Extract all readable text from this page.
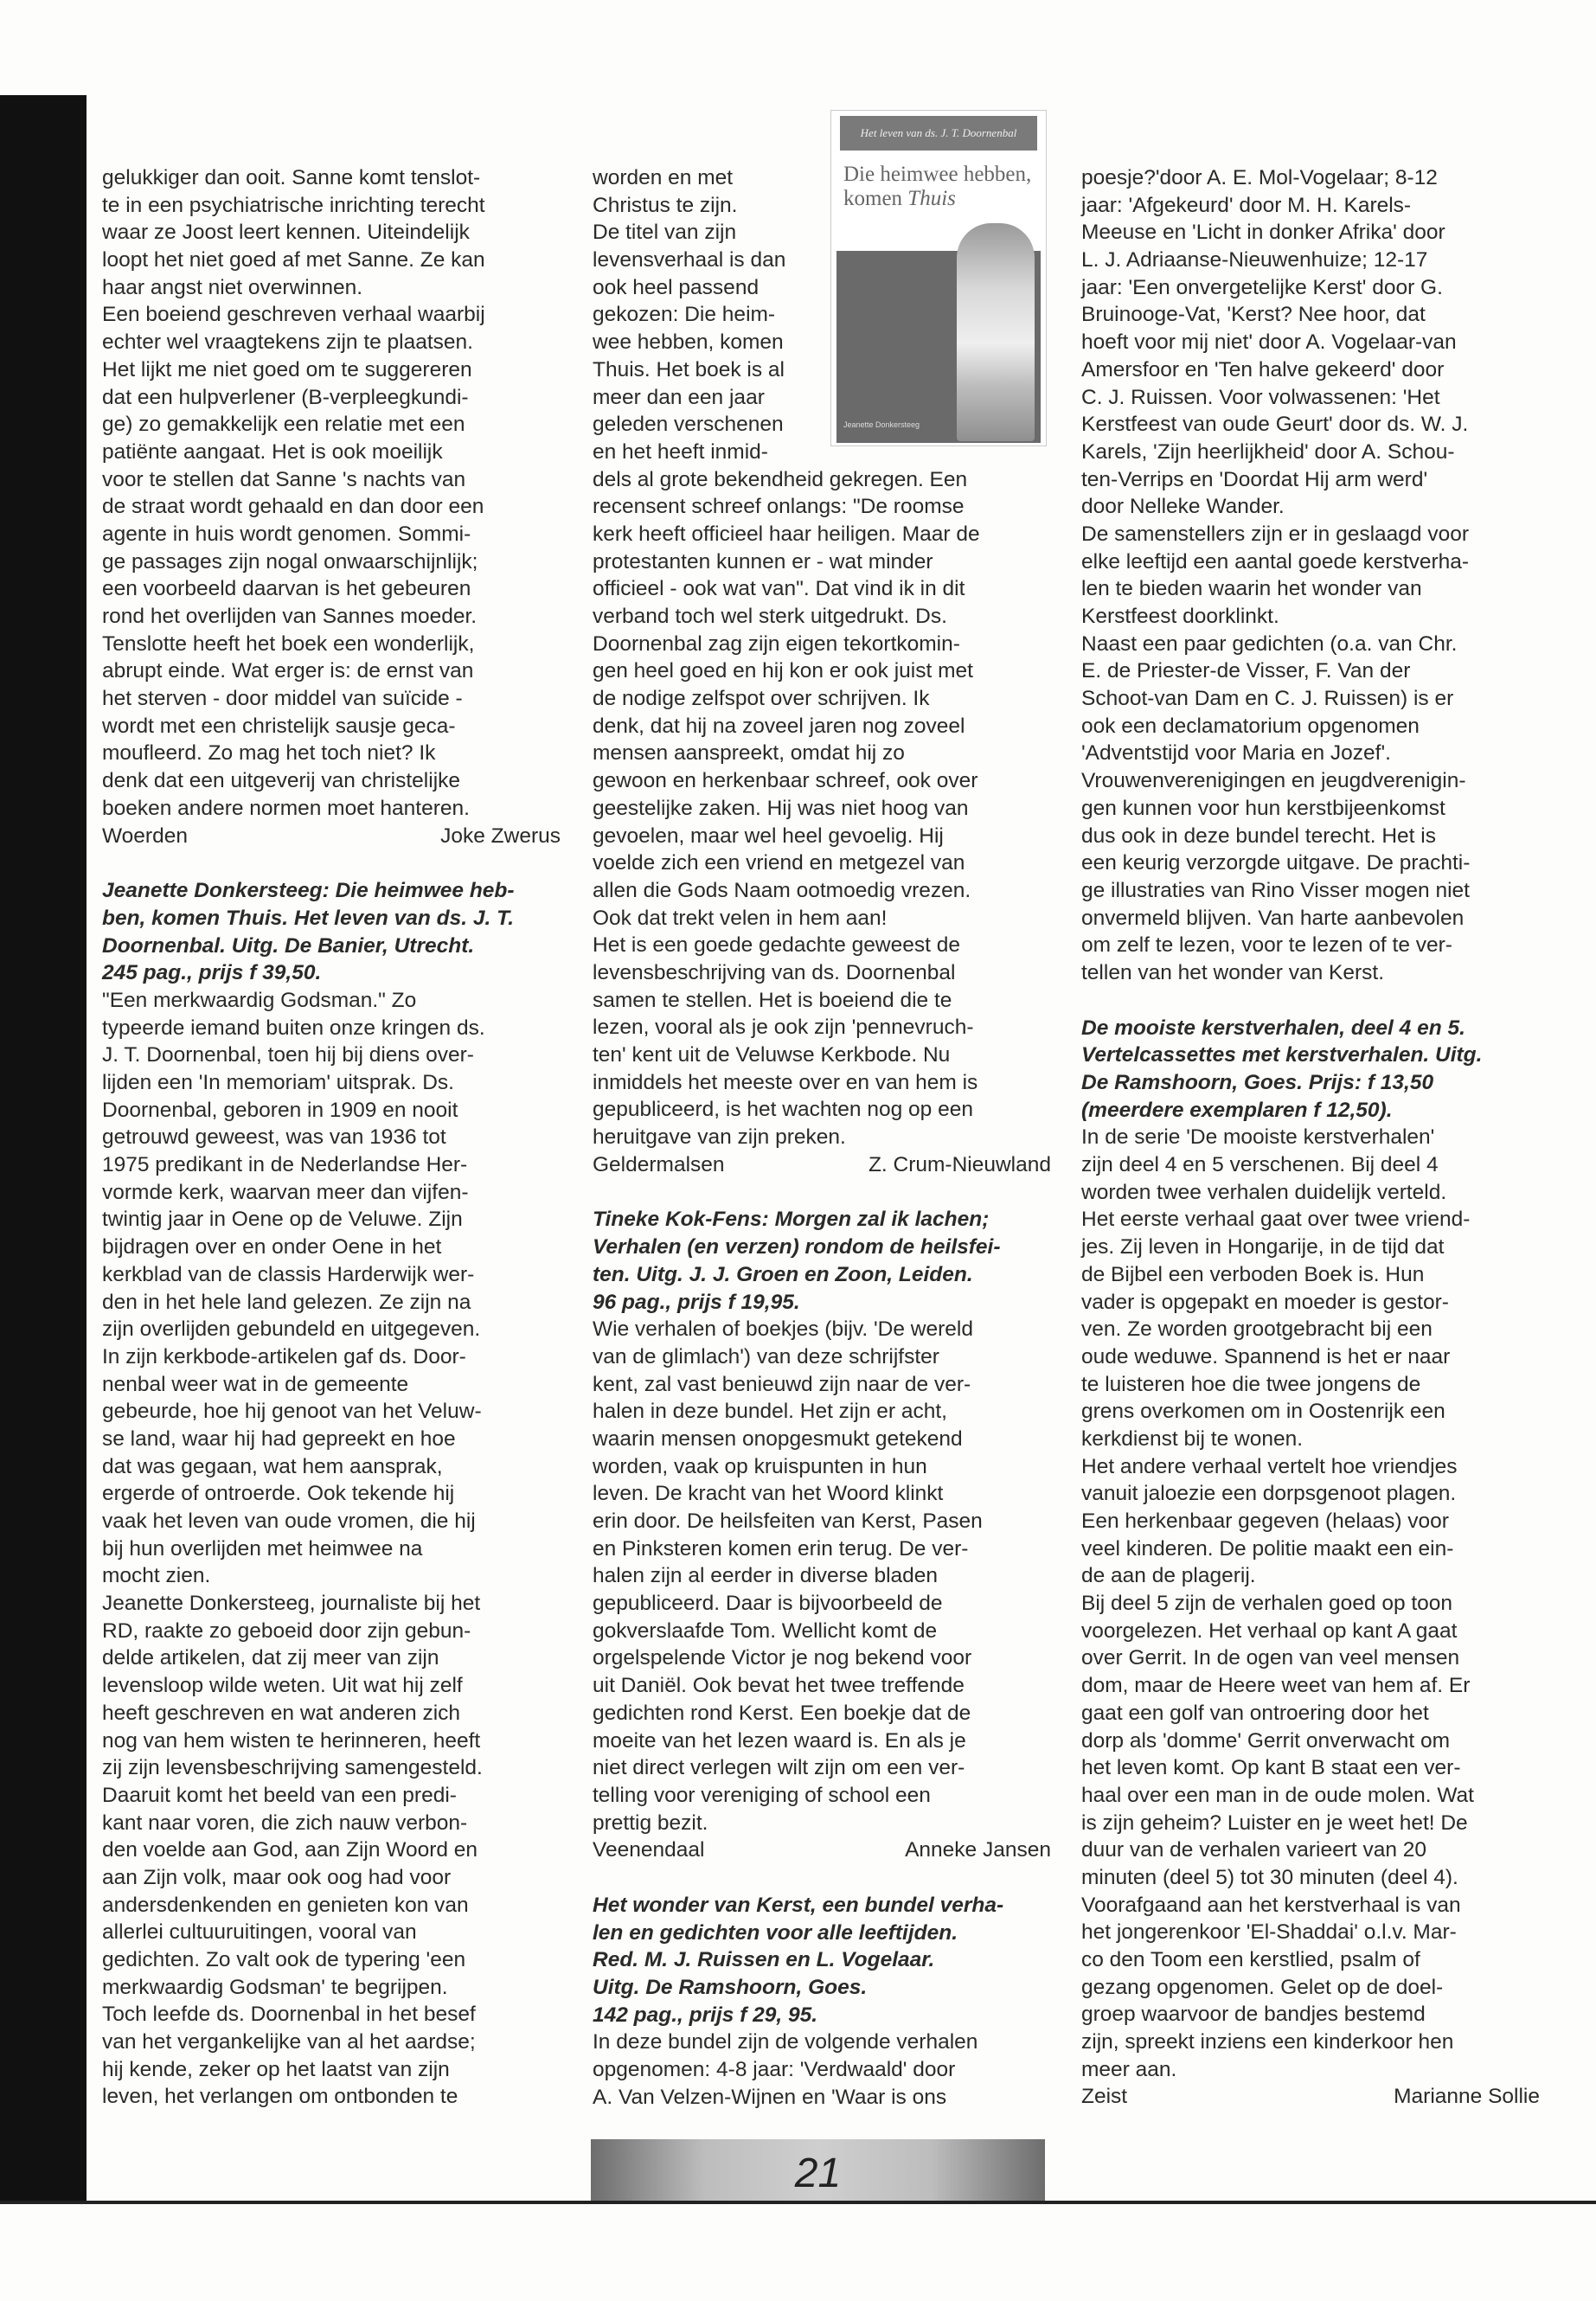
gelukkiger dan ooit. Sanne komt tenslot-
te in een psychiatrische inrichting terecht
waar ze Joost leert kennen. Uiteindelijk
loopt het niet goed af met Sanne. Ze kan
haar angst niet overwinnen.
Een boeiend geschreven verhaal waarbij
echter wel vraagtekens zijn te plaatsen.
Het lijkt me niet goed om te suggereren
dat een hulpverlener (B-verpleegkundi-
ge) zo gemakkelijk een relatie met een
patiënte aangaat. Het is ook moeilijk
voor te stellen dat Sanne 's nachts van
de straat wordt gehaald en dan door een
agente in huis wordt genomen. Sommi-
ge passages zijn nogal onwaarschijnlijk;
een voorbeeld daarvan is het gebeuren
rond het overlijden van Sannes moeder.
Tenslotte heeft het boek een wonderlijk,
abrupt einde. Wat erger is: de ernst van
het sterven - door middel van suïcide -
wordt met een christelijk sausje geca-
moufleerd. Zo mag het toch niet? Ik
denk dat een uitgeverij van christelijke
boeken andere normen moet hanteren.
Woerden	Joke Zwerus
Jeanette Donkersteeg: Die heimwee heb-
ben, komen Thuis. Het leven van ds. J. T.
Doornenbal. Uitg. De Banier, Utrecht.
245 pag., prijs f 39,50.
"Een merkwaardig Godsman." Zo
typeerde iemand buiten onze kringen ds.
J. T. Doornenbal, toen hij bij diens over-
lijden een 'In memoriam' uitsprak. Ds.
Doornenbal, geboren in 1909 en nooit
getrouwd geweest, was van 1936 tot
1975 predikant in de Nederlandse Her-
vormde kerk, waarvan meer dan vijfen-
twintig jaar in Oene op de Veluwe. Zijn
bijdragen over en onder Oene in het
kerkblad van de classis Harderwijk wer-
den in het hele land gelezen. Ze zijn na
zijn overlijden gebundeld en uitgegeven.
In zijn kerkbode-artikelen gaf ds. Door-
nenbal weer wat in de gemeente
gebeurde, hoe hij genoot van het Veluw-
se land, waar hij had gepreekt en hoe
dat was gegaan, wat hem aansprak,
ergerde of ontroerde. Ook tekende hij
vaak het leven van oude vromen, die hij
bij hun overlijden met heimwee na
mocht zien.
Jeanette Donkersteeg, journaliste bij het
RD, raakte zo geboeid door zijn gebun-
delde artikelen, dat zij meer van zijn
levensloop wilde weten. Uit wat hij zelf
heeft geschreven en wat anderen zich
nog van hem wisten te herinneren, heeft
zij zijn levensbeschrijving samengesteld.
Daaruit komt het beeld van een predi-
kant naar voren, die zich nauw verbon-
den voelde aan God, aan Zijn Woord en
aan Zijn volk, maar ook oog had voor
andersdenkenden en genieten kon van
allerlei cultuuruitingen, vooral van
gedichten. Zo valt ook de typering 'een
merkwaardig Godsman' te begrijpen.
Toch leefde ds. Doornenbal in het besef
van het vergankelijke van al het aardse;
hij kende, zeker op het laatst van zijn
leven, het verlangen om ontbonden te
worden en met
Christus te zijn.
De titel van zijn
levensverhaal is dan
ook heel passend
gekozen: Die heim-
wee hebben, komen
Thuis. Het boek is al
meer dan een jaar
geleden verschenen
en het heeft inmid-
dels al grote bekendheid gekregen. Een
recensent schreef onlangs: "De roomse
kerk heeft officieel haar heiligen. Maar de
protestanten kunnen er - wat minder
officieel - ook wat van". Dat vind ik in dit
verband toch wel sterk uitgedrukt. Ds.
Doornenbal zag zijn eigen tekortkomin-
gen heel goed en hij kon er ook juist met
de nodige zelfspot over schrijven. Ik
denk, dat hij na zoveel jaren nog zoveel
mensen aanspreekt, omdat hij zo
gewoon en herkenbaar schreef, ook over
geestelijke zaken. Hij was niet hoog van
gevoelen, maar wel heel gevoelig. Hij
voelde zich een vriend en metgezel van
allen die Gods Naam ootmoedig vrezen.
Ook dat trekt velen in hem aan!
Het is een goede gedachte geweest de
levensbeschrijving van ds. Doornenbal
samen te stellen. Het is boeiend die te
lezen, vooral als je ook zijn 'pennevruch-
ten' kent uit de Veluwse Kerkbode. Nu
inmiddels het meeste over en van hem is
gepubliceerd, is het wachten nog op een
heruitgave van zijn preken.
Geldermalsen	Z. Crum-Nieuwland
Tineke Kok-Fens: Morgen zal ik lachen;
Verhalen (en verzen) rondom de heilsfei-
ten. Uitg. J. J. Groen en Zoon, Leiden.
96 pag., prijs f 19,95.
Wie verhalen of boekjes (bijv. 'De wereld
van de glimlach') van deze schrijfster
kent, zal vast benieuwd zijn naar de ver-
halen in deze bundel. Het zijn er acht,
waarin mensen onopgesmukt getekend
worden, vaak op kruispunten in hun
leven. De kracht van het Woord klinkt
erin door. De heilsfeiten van Kerst, Pasen
en Pinksteren komen erin terug. De ver-
halen zijn al eerder in diverse bladen
gepubliceerd. Daar is bijvoorbeeld de
gokverslaafde Tom. Wellicht komt de
orgelspelende Victor je nog bekend voor
uit Daniël. Ook bevat het twee treffende
gedichten rond Kerst. Een boekje dat de
moeite van het lezen waard is. En als je
niet direct verlegen wilt zijn om een ver-
telling voor vereniging of school een
prettig bezit.
Veenendaal	Anneke Jansen
Het wonder van Kerst, een bundel verha-
len en gedichten voor alle leeftijden.
Red. M. J. Ruissen en L. Vogelaar.
Uitg. De Ramshoorn, Goes.
142 pag., prijs f 29, 95.
In deze bundel zijn de volgende verhalen
opgenomen: 4-8 jaar: 'Verdwaald' door
A. Van Velzen-Wijnen en 'Waar is ons
poesje?'door A. E. Mol-Vogelaar; 8-12
jaar: 'Afgekeurd' door M. H. Karels-
Meeuse en 'Licht in donker Afrika' door
L. J. Adriaanse-Nieuwenhuize; 12-17
jaar: 'Een onvergetelijke Kerst' door G.
Bruinooge-Vat, 'Kerst? Nee hoor, dat
hoeft voor mij niet' door A. Vogelaar-van
Amersfoor en 'Ten halve gekeerd' door
C. J. Ruissen. Voor volwassenen: 'Het
Kerstfeest van oude Geurt' door ds. W. J.
Karels, 'Zijn heerlijkheid' door A. Schou-
ten-Verrips en 'Doordat Hij arm werd'
door Nelleke Wander.
De samenstellers zijn er in geslaagd voor
elke leeftijd een aantal goede kerstverha-
len te bieden waarin het wonder van
Kerstfeest doorklinkt.
Naast een paar gedichten (o.a. van Chr.
E. de Priester-de Visser, F. Van der
Schoot-van Dam en C. J. Ruissen) is er
ook een declamatorium opgenomen
'Adventstijd voor Maria en Jozef'.
Vrouwenverenigingen en jeugdverenigin-
gen kunnen voor hun kerstbijeenkomst
dus ook in deze bundel terecht. Het is
een keurig verzorgde uitgave. De prachti-
ge illustraties van Rino Visser mogen niet
onvermeld blijven. Van harte aanbevolen
om zelf te lezen, voor te lezen of te ver-
tellen van het wonder van Kerst.
De mooiste kerstverhalen, deel 4 en 5.
Vertelcassettes met kerstverhalen. Uitg.
De Ramshoorn, Goes. Prijs: f 13,50
(meerdere exemplaren f 12,50).
In de serie 'De mooiste kerstverhalen'
zijn deel 4 en 5 verschenen. Bij deel 4
worden twee verhalen duidelijk verteld.
Het eerste verhaal gaat over twee vriend-
jes. Zij leven in Hongarije, in de tijd dat
de Bijbel een verboden Boek is. Hun
vader is opgepakt en moeder is gestor-
ven. Ze worden grootgebracht bij een
oude weduwe. Spannend is het er naar
te luisteren hoe die twee jongens de
grens overkomen om in Oostenrijk een
kerkdienst bij te wonen.
Het andere verhaal vertelt hoe vriendjes
vanuit jaloezie een dorpsgenoot plagen.
Een herkenbaar gegeven (helaas) voor
veel kinderen. De politie maakt een ein-
de aan de plagerij.
Bij deel 5 zijn de verhalen goed op toon
voorgelezen. Het verhaal op kant A gaat
over Gerrit. In de ogen van veel mensen
dom, maar de Heere weet van hem af. Er
gaat een golf van ontroering door het
dorp als 'domme' Gerrit onverwacht om
het leven komt. Op kant B staat een ver-
haal over een man in de oude molen. Wat
is zijn geheim? Luister en je weet het! De
duur van de verhalen varieert van 20
minuten (deel 5) tot 30 minuten (deel 4).
Voorafgaand aan het kerstverhaal is van
het jongerenkoor 'El-Shaddai' o.l.v. Mar-
co den Toom een kerstlied, psalm of
gezang opgenomen. Gelet op de doel-
groep waarvoor de bandjes bestemd
zijn, spreekt inziens een kinderkoor hen
meer aan.
Zeist	Marianne Sollie
Het leven van ds. J. T. Doornenbal
Die heimwee hebben,
komen Thuis
Jeanette Donkersteeg
21
